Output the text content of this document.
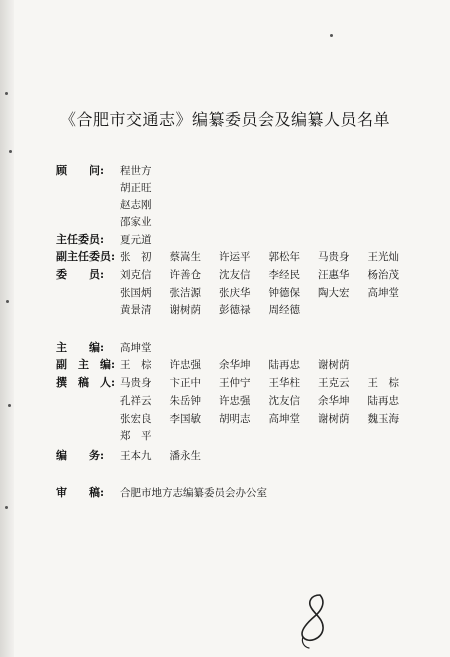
《合肥市交通志》编纂委员会及编纂人员名单
顾　　问:	程世方
胡正旺
赵志刚
邵家业
主任委员:	夏元道
副主任委员: 张　初 蔡嵩生 许运平 郭松年 马贵身 王光灿
委　　员:	刘克信 许善仓 沈友信 李经民 汪惠华 杨治茂
张国炳 张洁源 张庆华 钟德保 陶大宏 高坤堂
黄景清 谢树荫 彭德禄 周经德
主　　编:	高坤堂
副　主　编: 王　棕 许忠强 余华坤 陆再忠 谢树荫
撰　稿　人: 马贵身 卞正中 王仲宁 王华柱 王克云 王　棕
孔祥云 朱岳钟 许忠强 沈友信 余华坤 陆再忠
张宏良 李国敏 胡明志 高坤堂 谢树荫 魏玉海
郑　平
编　　务:	王本九 潘永生
审　　稿:	合肥市地方志编纂委员会办公室
